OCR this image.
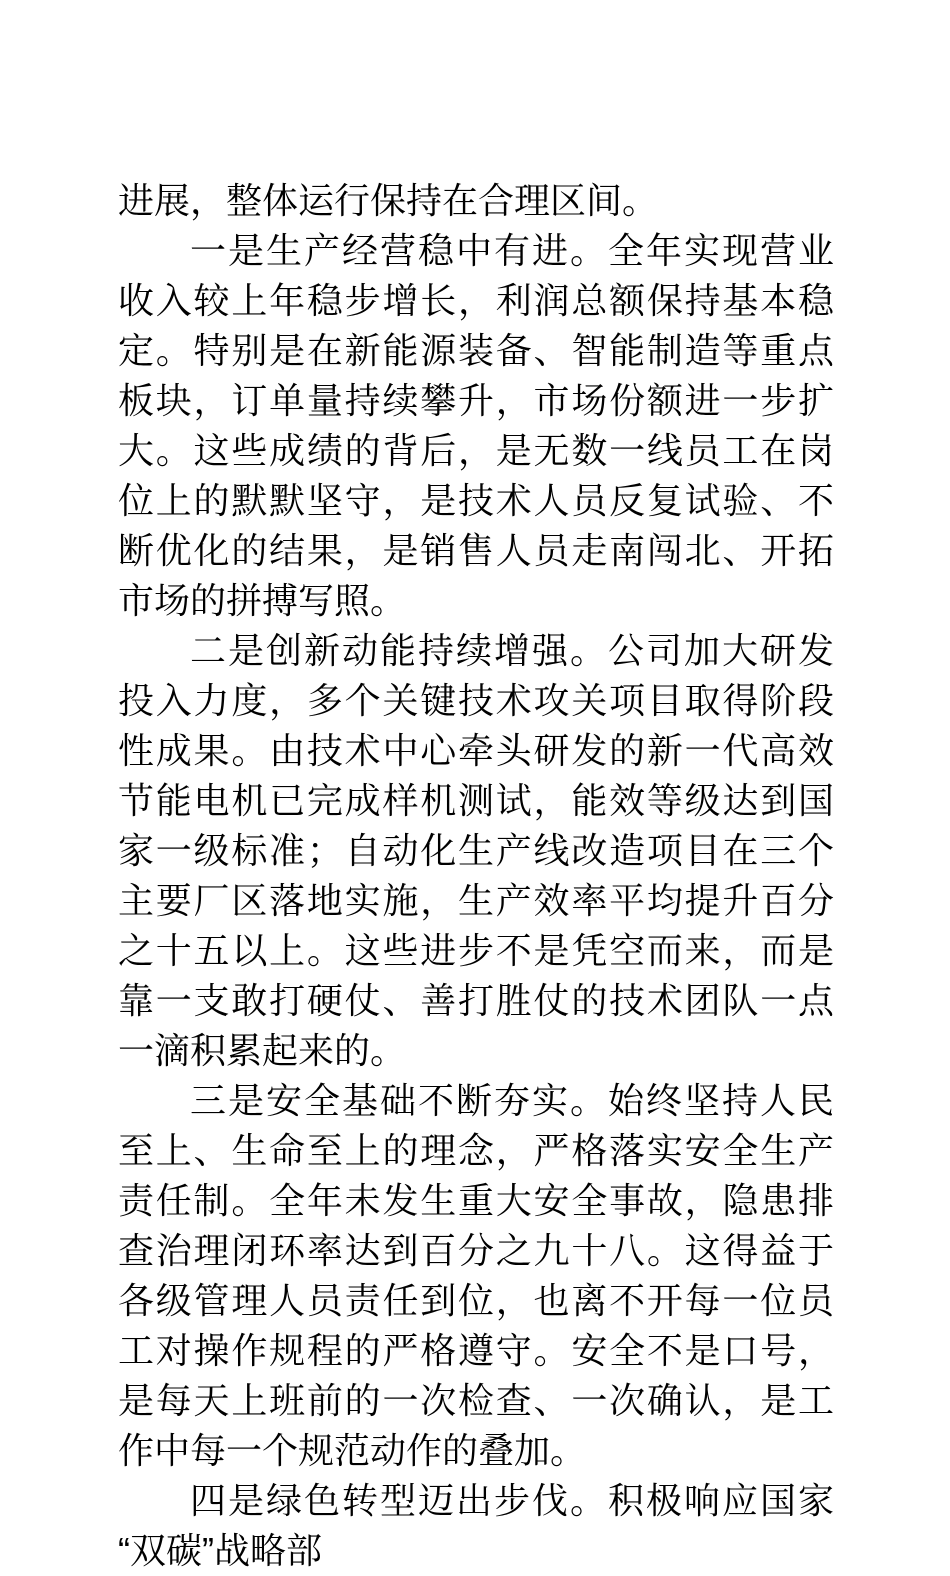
进展，整体运行保持在合理区间。

一是生产经营稳中有进。全年实现营业收入较上年稳步增长，利润总额保持基本稳定。特别是在新能源装备、智能制造等重点板块，订单量持续攀升，市场份额进一步扩大。这些成绩的背后，是无数一线员工在岗位上的默默坚守，是技术人员反复试验、不断优化的结果，是销售人员走南闯北、开拓市场的拼搏写照。

二是创新动能持续增强。公司加大研发投入力度，多个关键技术攻关项目取得阶段性成果。由技术中心牵头研发的新一代高效节能电机已完成样机测试，能效等级达到国家一级标准；自动化生产线改造项目在三个主要厂区落地实施，生产效率平均提升百分之十五以上。这些进步不是凭空而来，而是靠一支敢打硬仗、善打胜仗的技术团队一点一滴积累起来的。

三是安全基础不断夯实。始终坚持人民至上、生命至上的理念，严格落实安全生产责任制。全年未发生重大安全事故，隐患排查治理闭环率达到百分之九十八。这得益于各级管理人员责任到位，也离不开每一位员工对操作规程的严格遵守。安全不是口号，是每天上班前的一次检查、一次确认，是工作中每一个规范动作的叠加。

四是绿色转型迈出步伐。积极响应国家“双碳”战略部
